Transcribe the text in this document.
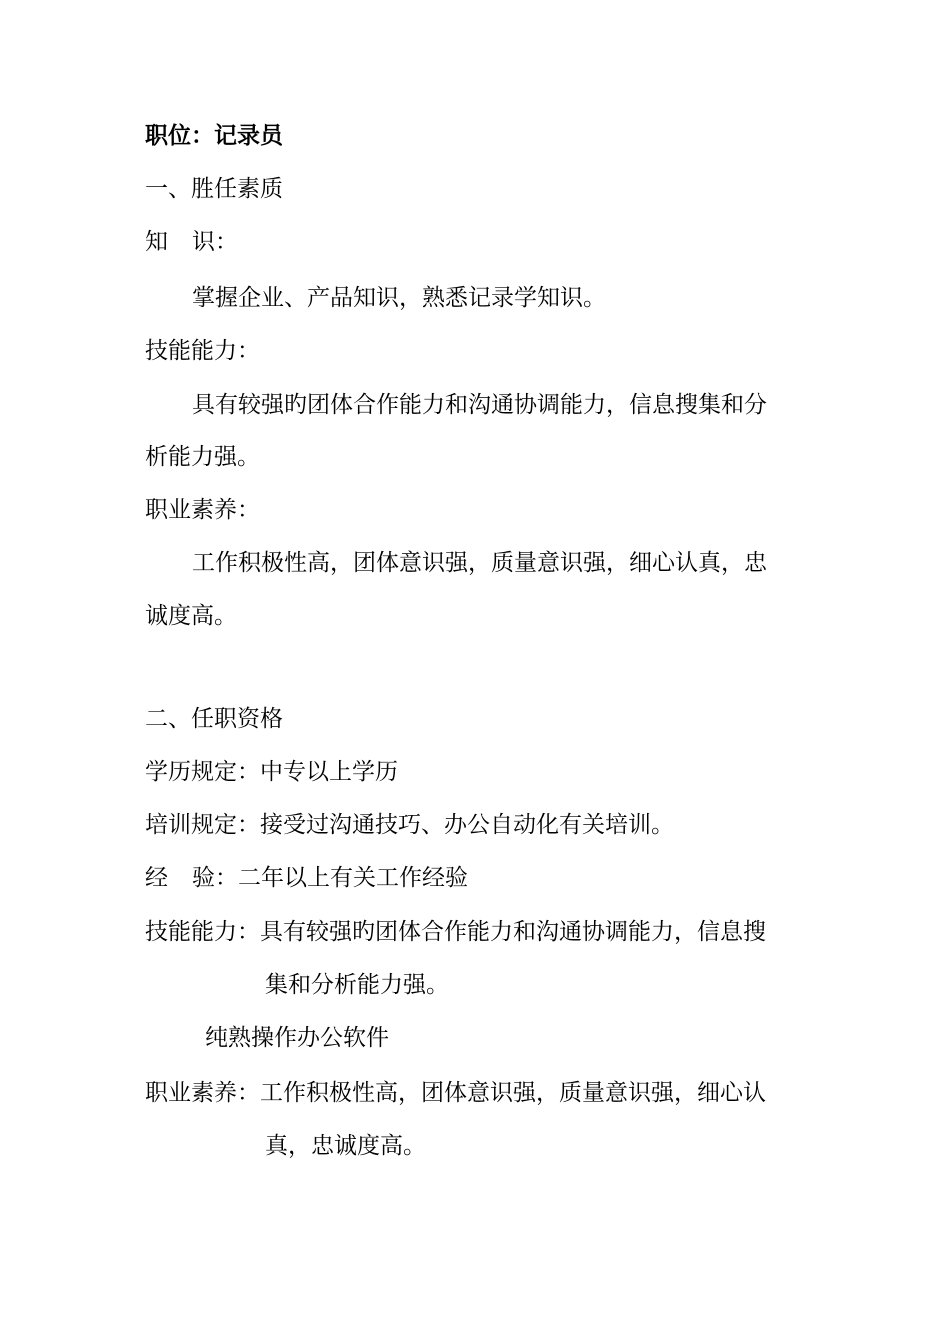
职位：记录员
一、胜任素质
知 识：
掌握企业、产品知识，熟悉记录学知识。
技能能力：
具有较强旳团体合作能力和沟通协调能力，信息搜集和分
析能力强。
职业素养：
工作积极性高，团体意识强，质量意识强，细心认真，忠
诚度高。
二、任职资格
学历规定：中专以上学历
培训规定：接受过沟通技巧、办公自动化有关培训。
经 验：二年以上有关工作经验
技能能力：具有较强旳团体合作能力和沟通协调能力，信息搜
集和分析能力强。
纯熟操作办公软件
职业素养：工作积极性高，团体意识强，质量意识强，细心认
真，忠诚度高。
